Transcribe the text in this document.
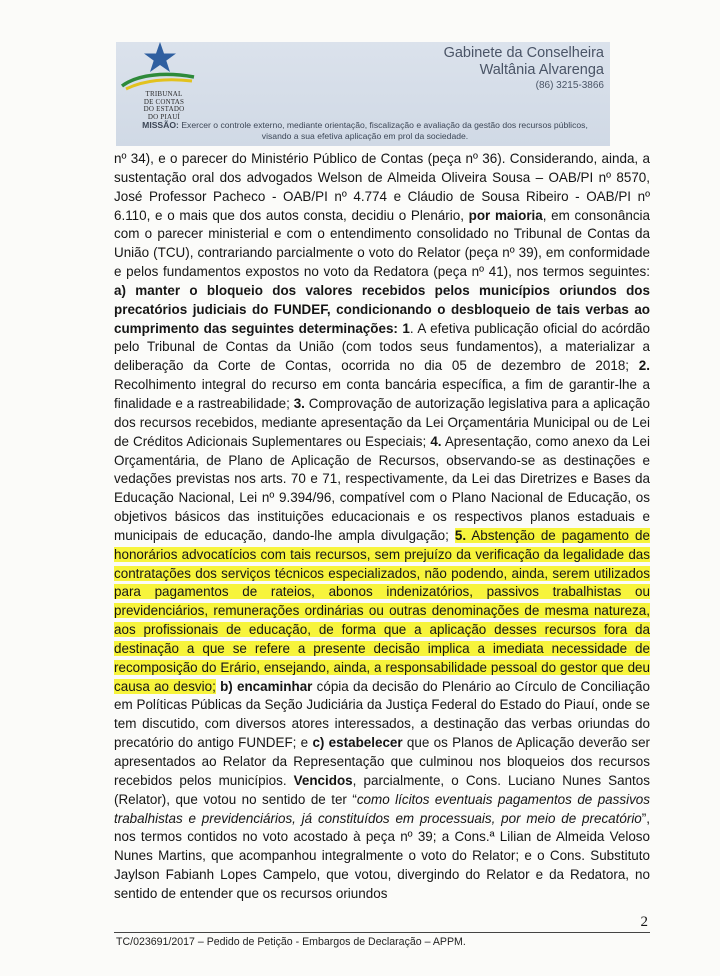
TRIBUNAL
DE CONTAS
DO ESTADO
DO PIAUÍ
Gabinete da Conselheira
Waltânia Alvarenga
(86) 3215-3866
MISSÃO: Exercer o controle externo, mediante orientação, fiscalização e avaliação da gestão dos recursos públicos, visando a sua efetiva aplicação em prol da sociedade.
nº 34), e o parecer do Ministério Público de Contas (peça nº 36). Considerando, ainda, a sustentação oral dos advogados Welson de Almeida Oliveira Sousa – OAB/PI nº 8570, José Professor Pacheco - OAB/PI nº 4.774 e Cláudio de Sousa Ribeiro - OAB/PI nº 6.110, e o mais que dos autos consta, decidiu o Plenário, por maioria, em consonância com o parecer ministerial e com o entendimento consolidado no Tribunal de Contas da União (TCU), contrariando parcialmente o voto do Relator (peça nº 39), em conformidade e pelos fundamentos expostos no voto da Redatora (peça nº 41), nos termos seguintes: a) manter o bloqueio dos valores recebidos pelos municípios oriundos dos precatórios judiciais do FUNDEF, condicionando o desbloqueio de tais verbas ao cumprimento das seguintes determinações: 1. A efetiva publicação oficial do acórdão pelo Tribunal de Contas da União (com todos seus fundamentos), a materializar a deliberação da Corte de Contas, ocorrida no dia 05 de dezembro de 2018; 2. Recolhimento integral do recurso em conta bancária específica, a fim de garantir-lhe a finalidade e a rastreabilidade; 3. Comprovação de autorização legislativa para a aplicação dos recursos recebidos, mediante apresentação da Lei Orçamentária Municipal ou de Lei de Créditos Adicionais Suplementares ou Especiais; 4. Apresentação, como anexo da Lei Orçamentária, de Plano de Aplicação de Recursos, observando-se as destinações e vedações previstas nos arts. 70 e 71, respectivamente, da Lei das Diretrizes e Bases da Educação Nacional, Lei nº 9.394/96, compatível com o Plano Nacional de Educação, os objetivos básicos das instituições educacionais e os respectivos planos estaduais e municipais de educação, dando-lhe ampla divulgação; 5. Abstenção de pagamento de honorários advocatícios com tais recursos, sem prejuízo da verificação da legalidade das contratações dos serviços técnicos especializados, não podendo, ainda, serem utilizados para pagamentos de rateios, abonos indenizatórios, passivos trabalhistas ou previdenciários, remunerações ordinárias ou outras denominações de mesma natureza, aos profissionais de educação, de forma que a aplicação desses recursos fora da destinação a que se refere a presente decisão implica a imediata necessidade de recomposição do Erário, ensejando, ainda, a responsabilidade pessoal do gestor que deu causa ao desvio; b) encaminhar cópia da decisão do Plenário ao Círculo de Conciliação em Políticas Públicas da Seção Judiciária da Justiça Federal do Estado do Piauí, onde se tem discutido, com diversos atores interessados, a destinação das verbas oriundas do precatório do antigo FUNDEF; e c) estabelecer que os Planos de Aplicação deverão ser apresentados ao Relator da Representação que culminou nos bloqueios dos recursos recebidos pelos municípios. Vencidos, parcialmente, o Cons. Luciano Nunes Santos (Relator), que votou no sentido de ter “como lícitos eventuais pagamentos de passivos trabalhistas e previdenciários, já constituídos em processuais, por meio de precatório”, nos termos contidos no voto acostado à peça nº 39; a Cons.ª Lilian de Almeida Veloso Nunes Martins, que acompanhou integralmente o voto do Relator; e o Cons. Substituto Jaylson Fabianh Lopes Campelo, que votou, divergindo do Relator e da Redatora, no sentido de entender que os recursos oriundos
2
TC/023691/2017 – Pedido de Petição - Embargos de Declaração – APPM.
